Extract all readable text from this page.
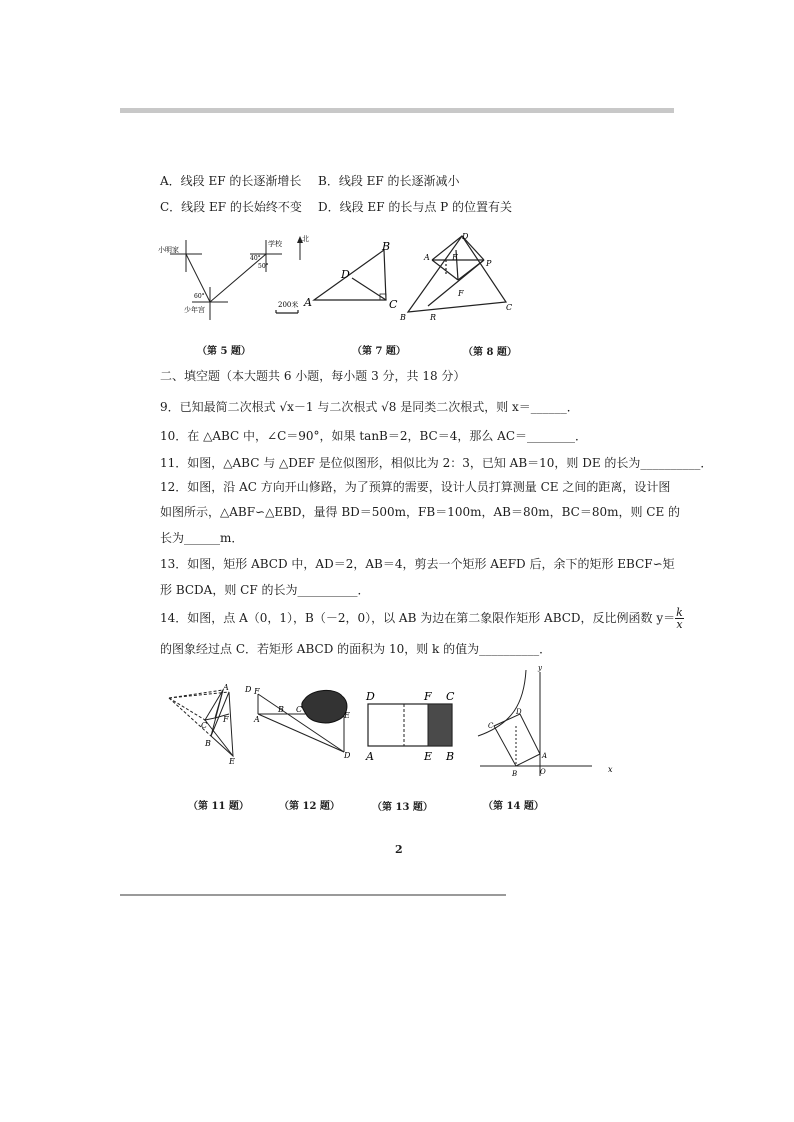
A．线段 EF 的长逐渐增长 B．线段 EF 的长逐渐减小
C．线段 EF 的长始终不变 D．线段 EF 的长与点 P 的位置有关
小明家
学校
少年宫
北
40°
50°
60°
（第 5 题）
A
B
C
D
200米
（第 7 题）
D
A	E
P
F
B	R
C
（第 8 题）
二、填空题（本大题共 6 小题，每小题 3 分，共 18 分）
9．已知最简二次根式 √x－1 与二次根式 √8 是同类二次根式，则 x＝______．
10．在 △ABC 中，∠C＝90°，如果 tanB＝2，BC＝4，那么 AC＝________．
11．如图，△ABC 与 △DEF 是位似图形，相似比为 2：3，已知 AB＝10，则 DE 的长为__________．
12．如图，沿 AC 方向开山修路，为了预算的需要，设计人员打算测量 CE 之间的距离，设计图
如图所示，△ABF∽△EBD，量得 BD＝500m，FB＝100m，AB＝80m，BC＝80m，则 CE 的
长为______m．
13．如图，矩形 ABCD 中，AD＝2，AB＝4，剪去一个矩形 AEFD 后，余下的矩形 EBCF∽矩
形 BCDA，则 CF 的长为__________．
14．如图，点 A（0，1），B（－2，0），以 AB 为边在第二象限作矩形 ABCD，反比例函数 $y= \frac{k}{x}$
的图象经过点 C．若矩形 ABCD 的面积为 10，则 k 的值为__________．
A D
C
F
B
E
（第 11 题）
F
A
B C
E
D
（第 12 题）
D	F C
A	E B
（第 13 题）
y
x
C
D
A
B	O
（第 14 题）
2
